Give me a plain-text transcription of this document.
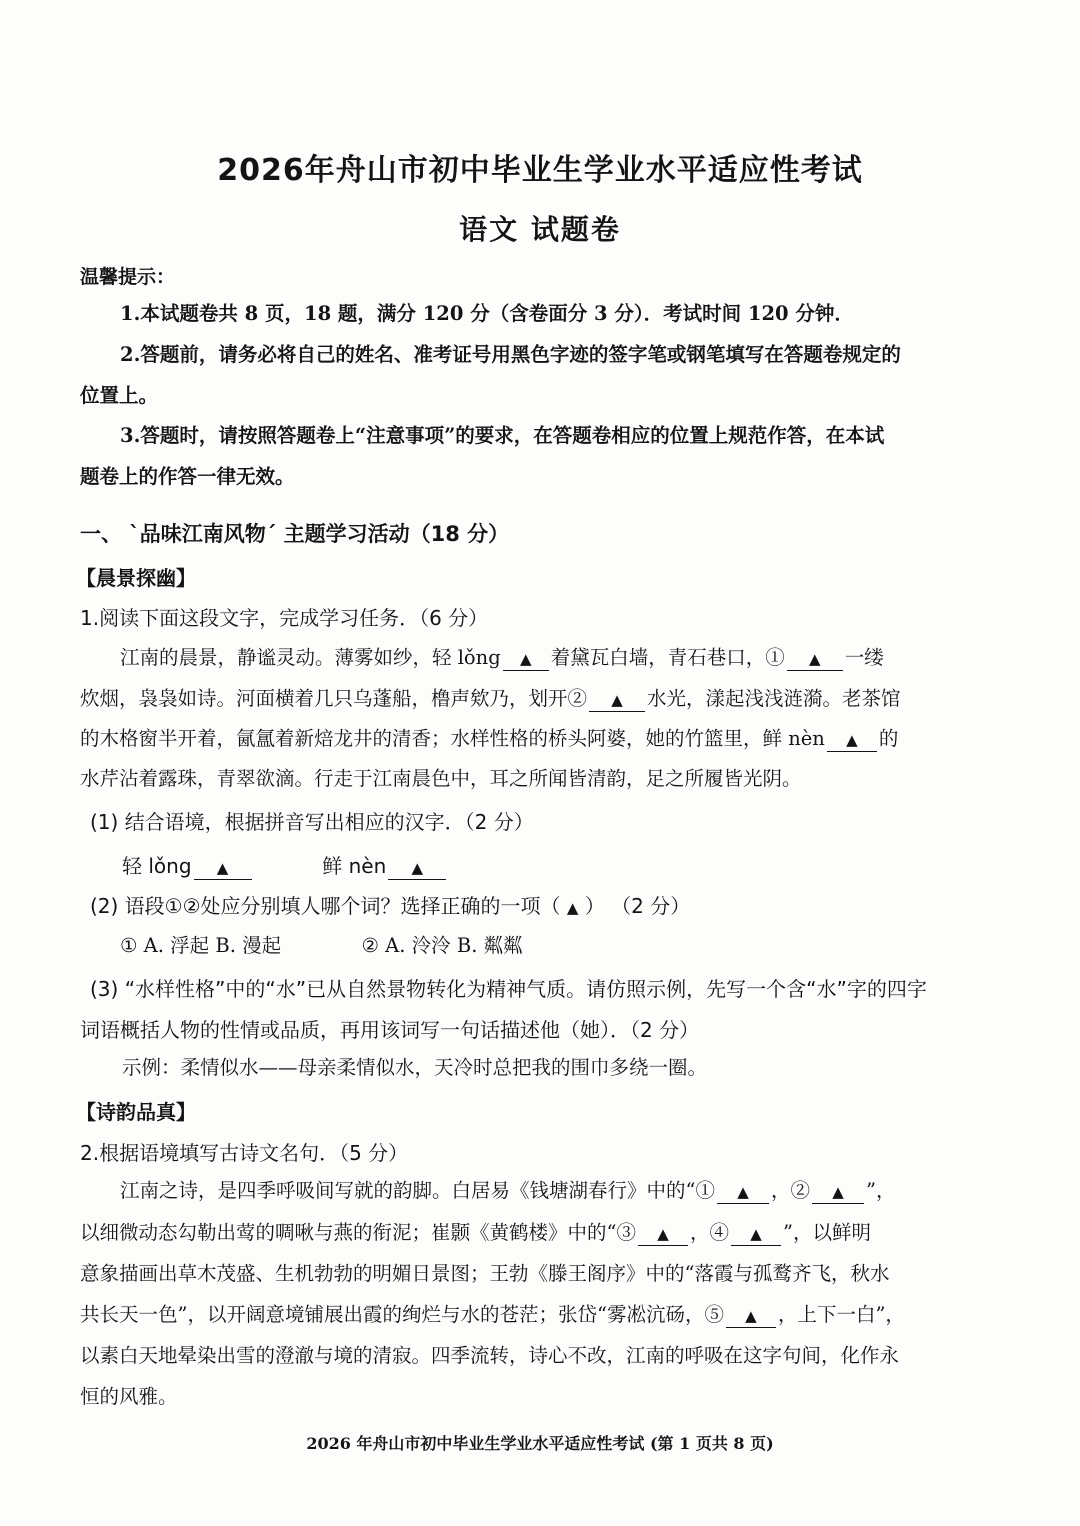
2026年舟山市初中毕业生学业水平适应性考试
语文 试题卷
温馨提示：
1.本试题卷共 8 页，18 题，满分 120 分（含卷面分 3 分）．考试时间 120 分钟．
2.答题前，请务必将自己的姓名、准考证号用黑色字迹的签字笔或钢笔填写在答题卷规定的
位置上。
3.答题时，请按照答题卷上“注意事项”的要求，在答题卷相应的位置上规范作答，在本试
题卷上的作答一律无效。
一、 ˋ品味江南风物ˊ 主题学习活动（18 分）
【晨景探幽】
1.阅读下面这段文字，完成学习任务．（6 分）
江南的晨景，静谧灵动。薄雾如纱，轻 lǒng ▲ 着黛瓦白墙，青石巷口，① ▲ 一缕
炊烟，袅袅如诗。河面横着几只乌蓬船，橹声欸乃，划开② ▲ 水光，漾起浅浅涟漪。老茶馆
的木格窗半开着，氤氲着新焙龙井的清香；水样性格的桥头阿婆，她的竹篮里，鲜 nèn ▲ 的
水芹沾着露珠，青翠欲滴。行走于江南晨色中，耳之所闻皆清韵，足之所履皆光阴。
(1) 结合语境，根据拼音写出相应的汉字．（2 分）
轻 lǒng ▲	鲜 nèn ▲
(2) 语段①②处应分别填人哪个词？选择正确的一项（ ▲ ） （2 分）
① A. 浮起 B. 漫起	② A. 泠泠 B. 粼粼
(3) “水样性格”中的“水”已从自然景物转化为精神气质。请仿照示例，先写一个含“水”字的四字
词语概括人物的性情或品质，再用该词写一句话描述他（她）．（2 分）
示例：柔情似水——母亲柔情似水，天冷时总把我的围巾多绕一圈。
【诗韵品真】
2.根据语境填写古诗文名句．（5 分）
江南之诗，是四季呼吸间写就的韵脚。白居易《钱塘湖春行》中的“① ▲ ，② ▲ ”，
以细微动态勾勒出莺的啁啾与燕的衔泥；崔颢《黄鹤楼》中的“③ ▲ ，④ ▲ ”，以鲜明
意象描画出草木茂盛、生机勃勃的明媚日景图；王勃《滕王阁序》中的“落霞与孤鹜齐飞，秋水
共长天一色”，以开阔意境铺展出霞的绚烂与水的苍茫；张岱“雾凇沆砀，⑤ ▲ ，上下一白”，
以素白天地晕染出雪的澄澈与境的清寂。四季流转，诗心不改，江南的呼吸在这字句间，化作永
恒的风雅。
2026 年舟山市初中毕业生学业水平适应性考试 (第 1 页共 8 页)
